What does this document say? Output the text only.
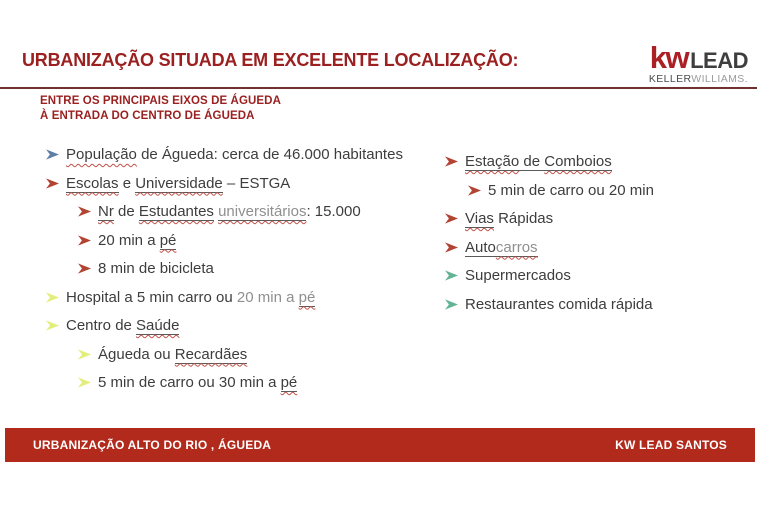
URBANIZAÇÃO SITUADA EM EXCELENTE LOCALIZAÇÃO:	kw LEAD
KELLERWILLIAMS.
ENTRE OS PRINCIPAIS EIXOS DE ÁGUEDA
À ENTRADA DO CENTRO DE ÁGUEDA
População de Águeda: cerca de 46.000 habitantes
Escolas e Universidade – ESTGA
Nr de Estudantes universitários: 15.000
20 min a pé
8 min de bicicleta
Hospital a 5 min carro ou 20 min a pé
Centro de Saúde
Águeda ou Recardães
5 min de carro ou 30 min a pé
Estação de Comboios
5 min de carro ou 20 min
Vias Rápidas
Autocarros
Supermercados
Restaurantes comida rápida
URBANIZAÇÃO ALTO DO RIO , ÁGUEDA	KW LEAD SANTOS
